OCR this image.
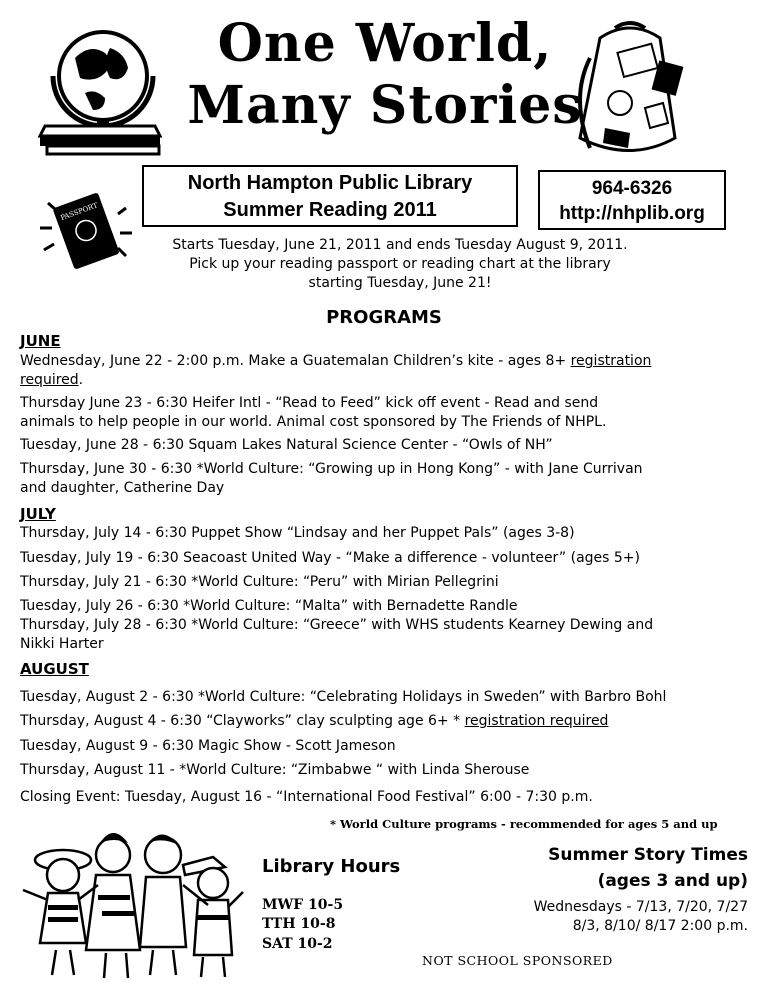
One World,
Many Stories
North Hampton Public Library
Summer Reading 2011
964-6326
http://nhplib.org
PASSPORT
Starts Tuesday, June 21, 2011 and ends Tuesday August 9, 2011.
Pick up your reading passport or reading chart at the library
starting Tuesday, June 21!
PROGRAMS
JUNE
Wednesday, June 22 - 2:00 p.m. Make a Guatemalan Children’s kite - ages 8+ registration
required.
Thursday June 23 - 6:30 Heifer Intl - “Read to Feed” kick off event - Read and send
animals to help people in our world. Animal cost sponsored by The Friends of NHPL.
Tuesday, June 28 - 6:30 Squam Lakes Natural Science Center - “Owls of NH”
Thursday, June 30 - 6:30 *World Culture: “Growing up in Hong Kong” - with Jane Currivan
and daughter, Catherine Day
JULY
Thursday, July 14 - 6:30 Puppet Show “Lindsay and her Puppet Pals” (ages 3-8)
Tuesday, July 19 - 6:30 Seacoast United Way - “Make a difference - volunteer” (ages 5+)
Thursday, July 21 - 6:30 *World Culture: “Peru” with Mirian Pellegrini
Tuesday, July 26 - 6:30 *World Culture: “Malta” with Bernadette Randle
Thursday, July 28 - 6:30 *World Culture: “Greece” with WHS students Kearney Dewing and
Nikki Harter
AUGUST
Tuesday, August 2 - 6:30 *World Culture: “Celebrating Holidays in Sweden” with Barbro Bohl
Thursday, August 4 - 6:30 “Clayworks” clay sculpting age 6+ * registration required
Tuesday, August 9 - 6:30 Magic Show - Scott Jameson
Thursday, August 11 - *World Culture: “Zimbabwe “ with Linda Sherouse
Closing Event: Tuesday, August 16 - “International Food Festival” 6:00 - 7:30 p.m.
* World Culture programs - recommended for ages 5 and up
Library Hours
MWF 10-5
TTH 10-8
SAT 10-2
Summer Story Times
(ages 3 and up)
Wednesdays - 7/13, 7/20, 7/27
8/3, 8/10/ 8/17 2:00 p.m.
NOT SCHOOL SPONSORED
